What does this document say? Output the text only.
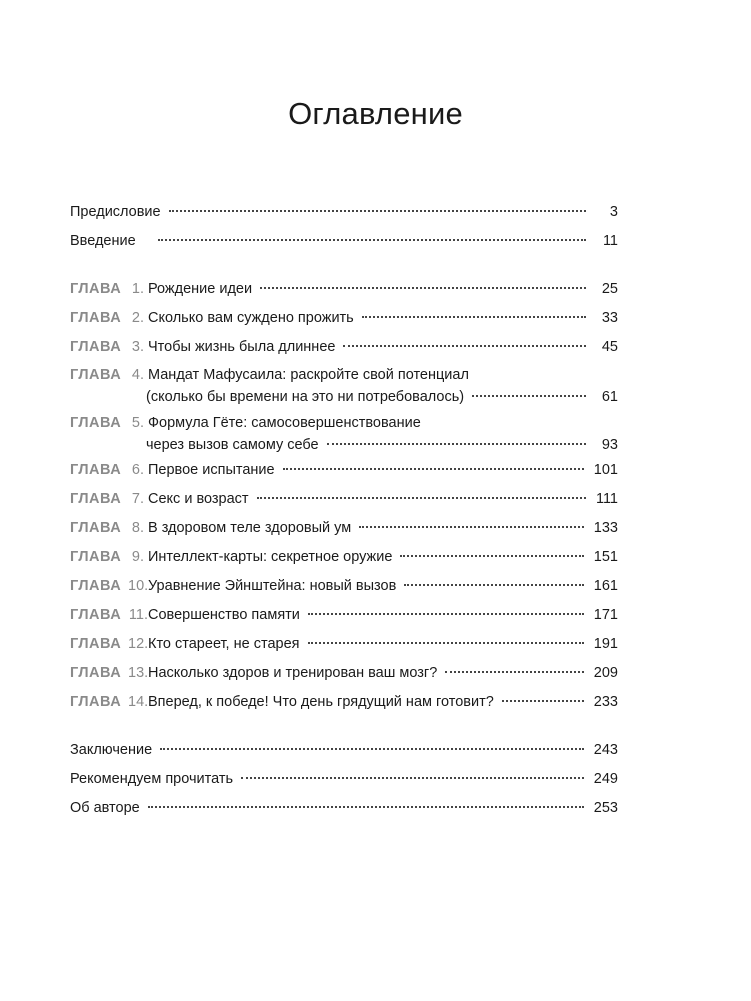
Оглавление
Предисловие	3
Введение	11
ГЛАВА 1. Рождение идеи	25
ГЛАВА 2. Сколько вам суждено прожить	33
ГЛАВА 3. Чтобы жизнь была длиннее	45
ГЛАВА 4. Мандат Мафусаила: раскройте свой потенциал
(сколько бы времени на это ни потребовалось)	61
ГЛАВА 5. Формула Гёте: самосовершенствование
через вызов самому себе	93
ГЛАВА 6. Первое испытание	101
ГЛАВА 7. Секс и возраст	111
ГЛАВА 8. В здоровом теле здоровый ум	133
ГЛАВА 9. Интеллект-карты: секретное оружие	151
ГЛАВА 10. Уравнение Эйнштейна: новый вызов	161
ГЛАВА 11. Совершенство памяти	171
ГЛАВА 12. Кто стареет, не старея	191
ГЛАВА 13. Насколько здоров и тренирован ваш мозг?	209
ГЛАВА 14. Вперед, к победе! Что день грядущий нам готовит?	233
Заключение	243
Рекомендуем прочитать	249
Об авторе	253
